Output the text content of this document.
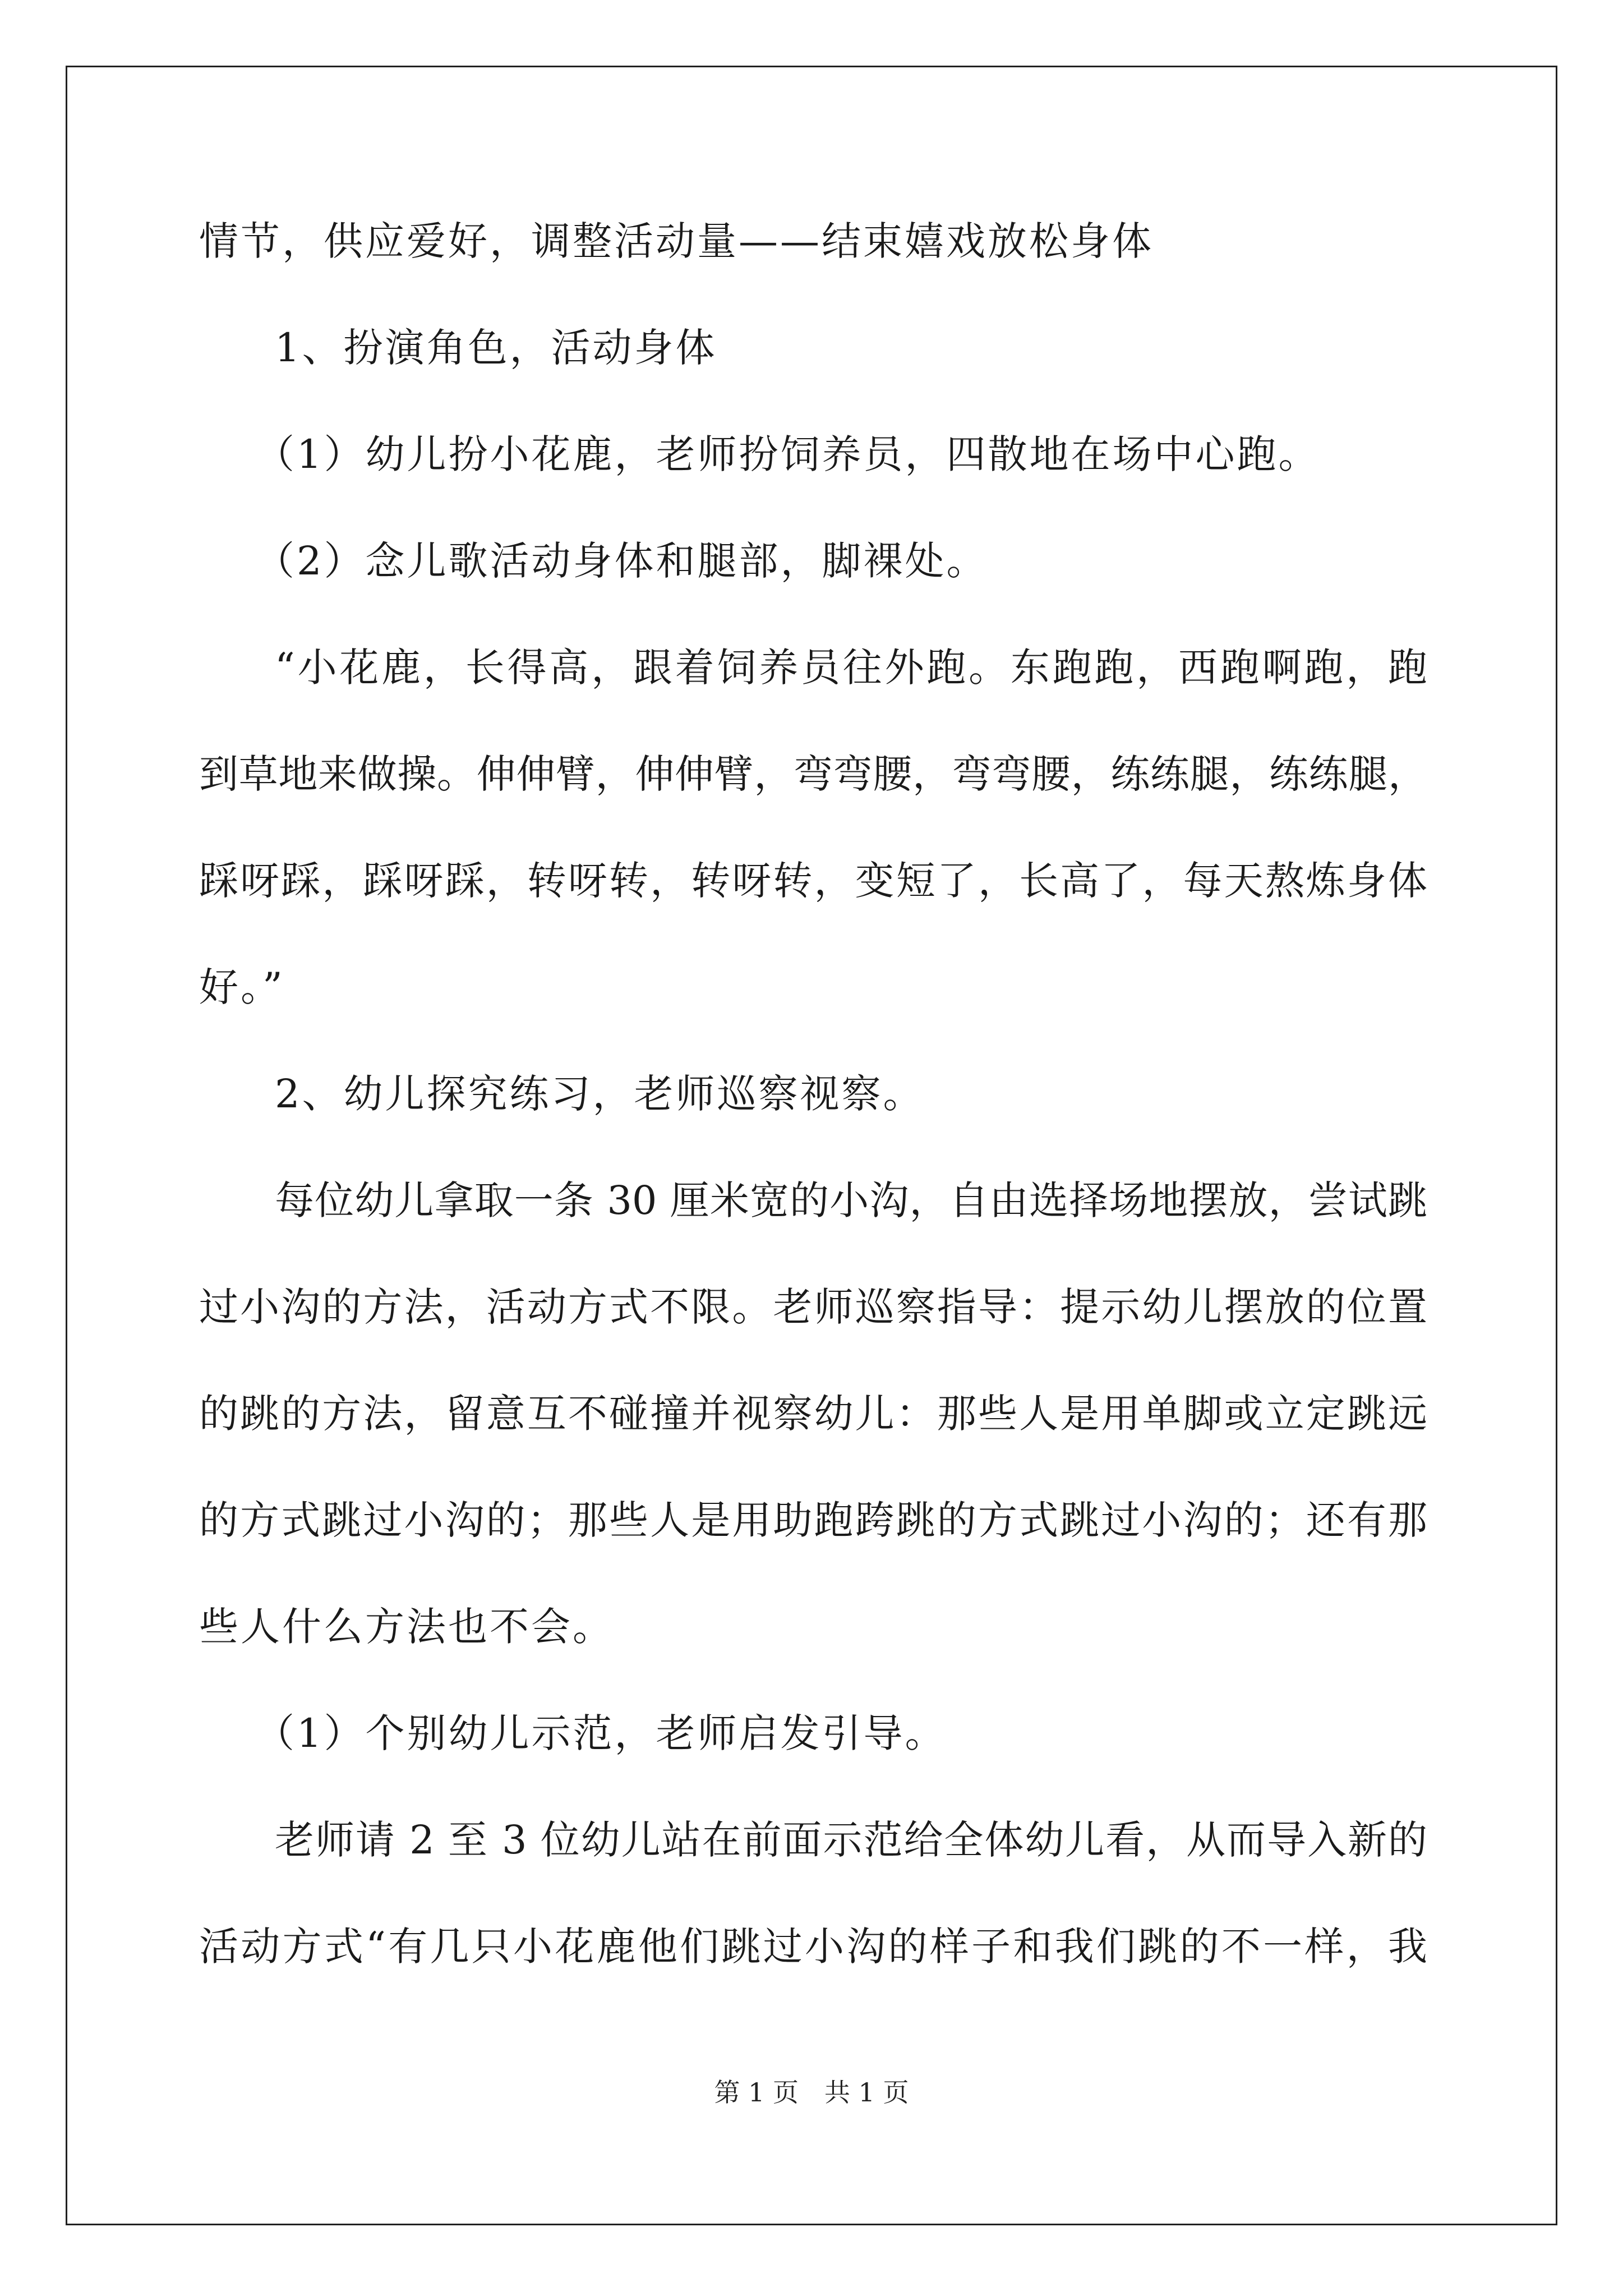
情节，供应爱好，调整活动量——结束嬉戏放松身体
1、扮演角色，活动身体
（1）幼儿扮小花鹿，老师扮饲养员，四散地在场中心跑。
（2）念儿歌活动身体和腿部，脚裸处。
“小花鹿，长得高，跟着饲养员往外跑。东跑跑，西跑啊跑，跑
到草地来做操。伸伸臂，伸伸臂，弯弯腰，弯弯腰，练练腿，练练腿，
踩呀踩，踩呀踩，转呀转，转呀转，变短了，长高了，每天熬炼身体
好。”
2、幼儿探究练习，老师巡察视察。
每位幼儿拿取一条 30 厘米宽的小沟，自由选择场地摆放，尝试跳
过小沟的方法，活动方式不限。老师巡察指导：提示幼儿摆放的位置
的跳的方法，留意互不碰撞并视察幼儿：那些人是用单脚或立定跳远
的方式跳过小沟的；那些人是用助跑跨跳的方式跳过小沟的；还有那
些人什么方法也不会。
（1）个别幼儿示范，老师启发引导。
老师请 2 至 3 位幼儿站在前面示范给全体幼儿看，从而导入新的
活动方式“有几只小花鹿他们跳过小沟的样子和我们跳的不一样，我
第 1 页　共 1 页
